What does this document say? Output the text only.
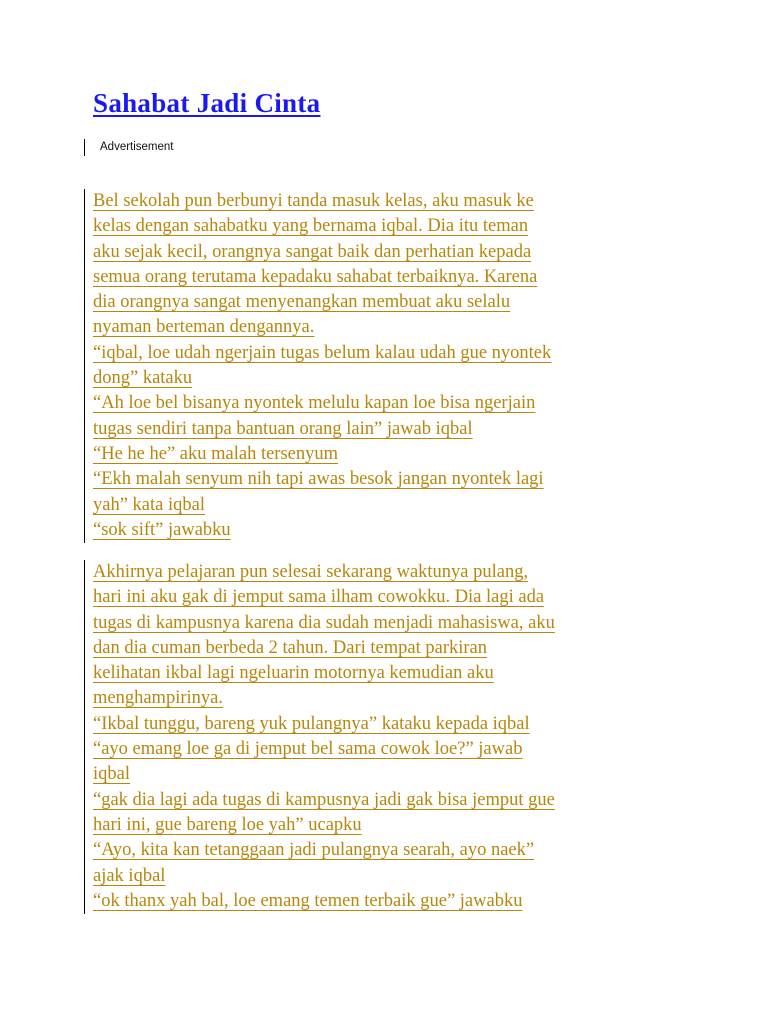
Sahabat Jadi Cinta
Advertisement
Bel sekolah pun berbunyi tanda masuk kelas, aku masuk ke
kelas dengan sahabatku yang bernama iqbal. Dia itu teman
aku sejak kecil, orangnya sangat baik dan perhatian kepada
semua orang terutama kepadaku sahabat terbaiknya. Karena
dia orangnya sangat menyenangkan membuat aku selalu
nyaman berteman dengannya.
“iqbal, loe udah ngerjain tugas belum kalau udah gue nyontek
dong” kataku
“Ah loe bel bisanya nyontek melulu kapan loe bisa ngerjain
tugas sendiri tanpa bantuan orang lain” jawab iqbal
“He he he” aku malah tersenyum
“Ekh malah senyum nih tapi awas besok jangan nyontek lagi
yah” kata iqbal
“sok sift” jawabku
Akhirnya pelajaran pun selesai sekarang waktunya pulang,
hari ini aku gak di jemput sama ilham cowokku. Dia lagi ada
tugas di kampusnya karena dia sudah menjadi mahasiswa, aku
dan dia cuman berbeda 2 tahun. Dari tempat parkiran
kelihatan ikbal lagi ngeluarin motornya kemudian aku
menghampirinya.
“Ikbal tunggu, bareng yuk pulangnya” kataku kepada iqbal
“ayo emang loe ga di jemput bel sama cowok loe?” jawab
iqbal
“gak dia lagi ada tugas di kampusnya jadi gak bisa jemput gue
hari ini, gue bareng loe yah” ucapku
“Ayo, kita kan tetanggaan jadi pulangnya searah, ayo naek”
ajak iqbal
“ok thanx yah bal, loe emang temen terbaik gue” jawabku
